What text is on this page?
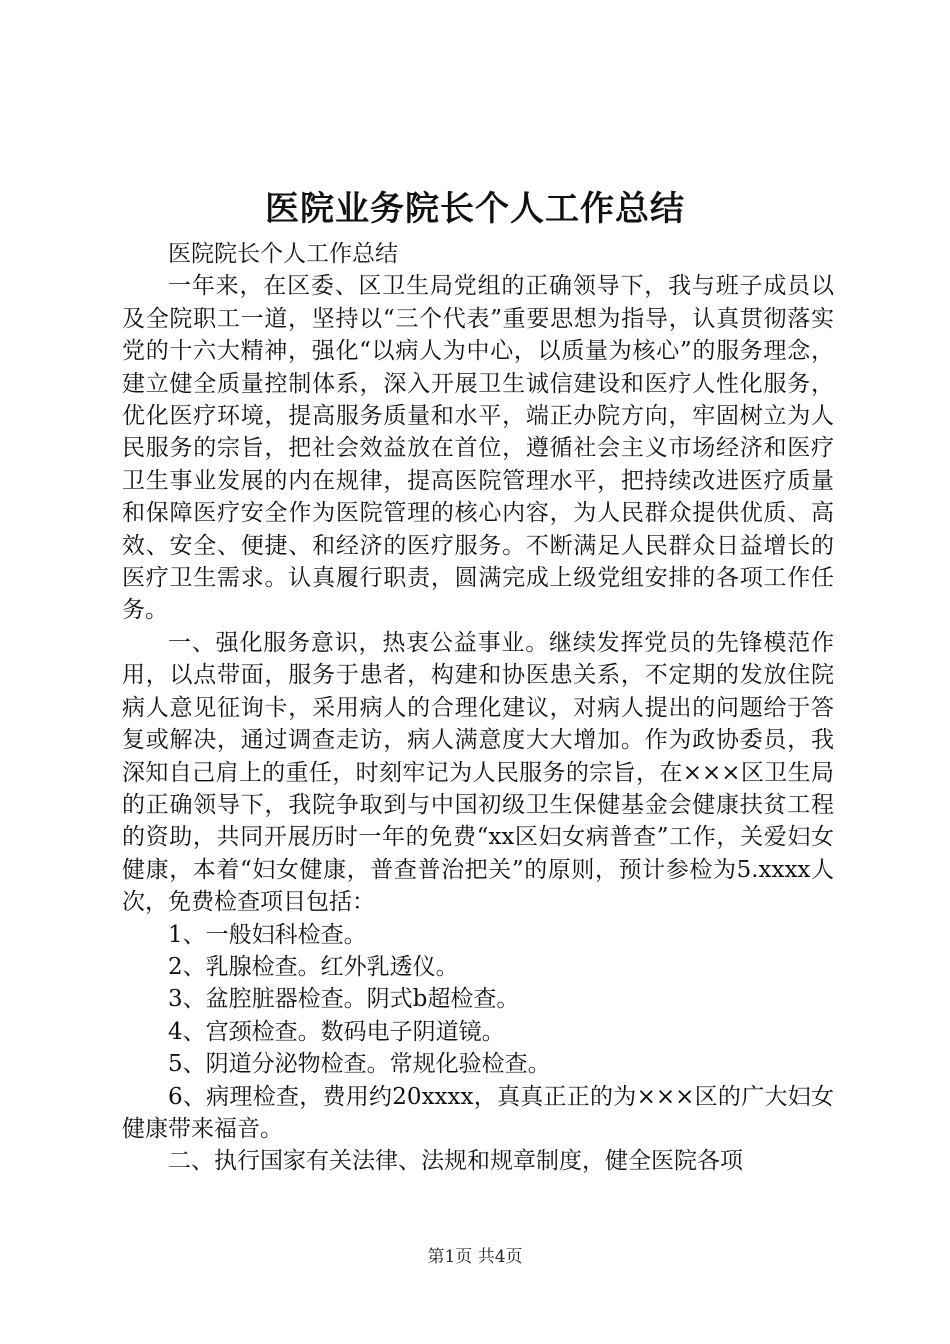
医院业务院长个人工作总结

医院院长个人工作总结

一年来，在区委、区卫生局党组的正确领导下，我与班子成员以及全院职工一道，坚持以“三个代表”重要思想为指导，认真贯彻落实党的十六大精神，强化“以病人为中心，以质量为核心”的服务理念，建立健全质量控制体系，深入开展卫生诚信建设和医疗人性化服务，优化医疗环境，提高服务质量和水平，端正办院方向，牢固树立为人民服务的宗旨，把社会效益放在首位，遵循社会主义市场经济和医疗卫生事业发展的内在规律，提高医院管理水平，把持续改进医疗质量和保障医疗安全作为医院管理的核心内容，为人民群众提供优质、高效、安全、便捷、和经济的医疗服务。不断满足人民群众日益增长的医疗卫生需求。认真履行职责，圆满完成上级党组安排的各项工作任务。

一、强化服务意识，热衷公益事业。继续发挥党员的先锋模范作用，以点带面，服务于患者，构建和协医患关系，不定期的发放住院病人意见征询卡，采用病人的合理化建议，对病人提出的问题给于答复或解决，通过调查走访，病人满意度大大增加。作为政协委员，我深知自己肩上的重任，时刻牢记为人民服务的宗旨，在×××区卫生局的正确领导下，我院争取到与中国初级卫生保健基金会健康扶贫工程的资助，共同开展历时一年的免费“xx区妇女病普查”工作，关爱妇女健康，本着“妇女健康，普查普治把关”的原则，预计参检为5.xxxx人次，免费检查项目包括：

1、一般妇科检查。

2、乳腺检查。红外乳透仪。

3、盆腔脏器检查。阴式b超检查。

4、宫颈检查。数码电子阴道镜。

5、阴道分泌物检查。常规化验检查。

6、病理检查，费用约20xxxx，真真正正的为×××区的广大妇女健康带来福音。

二、执行国家有关法律、法规和规章制度，健全医院各项

第1页 共4页
